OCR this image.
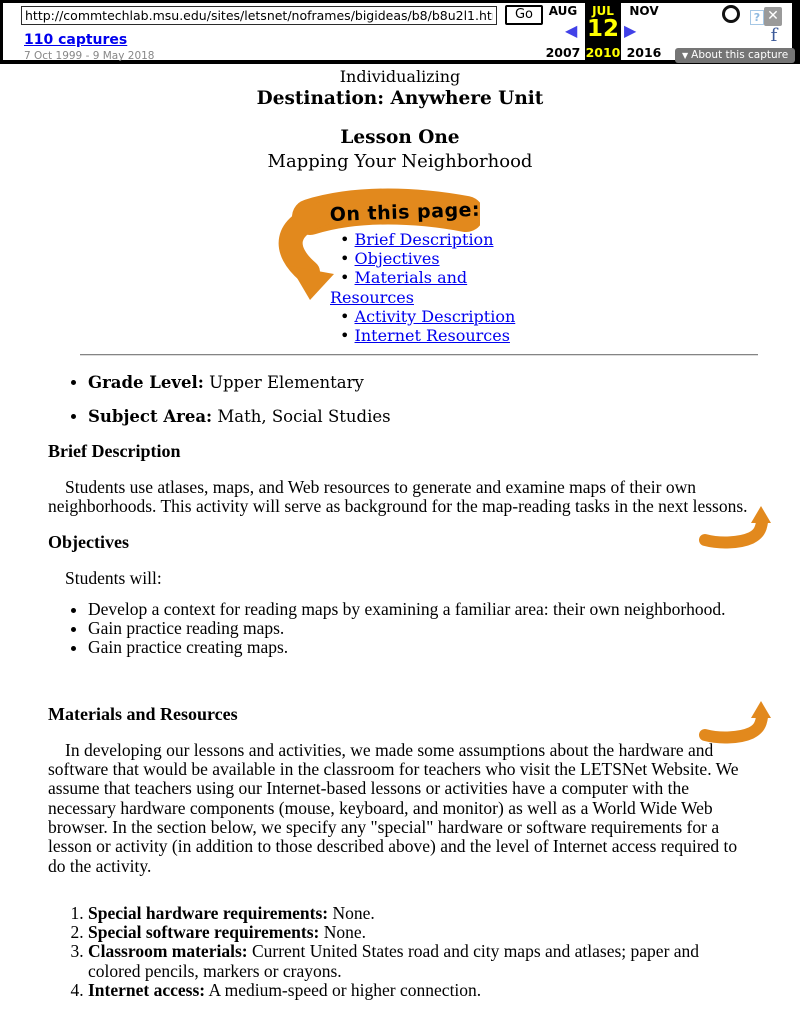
http://commtechlab.msu.edu/sites/letsnet/noframes/bigideas/b8/b8u2l1.html
Go
110 captures
7 Oct 1999 - 9 May 2018
AUG	JUL	NOV
◀ 12 ▶
2007 2010 2016
? ✕
f
▼ About this capture
Individualizing
Destination: Anywhere Unit
Lesson One
Mapping Your Neighborhood
On this page:
• Brief Description
• Objectives
• Materials and Resources
• Activity Description
• Internet Resources
• Grade Level: Upper Elementary
• Subject Area: Math, Social Studies
Brief Description

Students use atlases, maps, and Web resources to generate and examine maps of their own neighborhoods. This activity will serve as background for the map-reading tasks in the next lessons.

Objectives

Students will:

• Develop a context for reading maps by examining a familiar area: their own neighborhood.
• Gain practice reading maps.
• Gain practice creating maps.
Materials and Resources

In developing our lessons and activities, we made some assumptions about the hardware and software that would be available in the classroom for teachers who visit the LETSNet Website. We assume that teachers using our Internet-based lessons or activities have a computer with the necessary hardware components (mouse, keyboard, and monitor) as well as a World Wide Web browser. In the section below, we specify any "special" hardware or software requirements for a lesson or activity (in addition to those described above) and the level of Internet access required to do the activity.

1. Special hardware requirements: None.
2. Special software requirements: None.
3. Classroom materials: Current United States road and city maps and atlases; paper and colored pencils, markers or crayons.
4. Internet access: A medium-speed or higher connection.
